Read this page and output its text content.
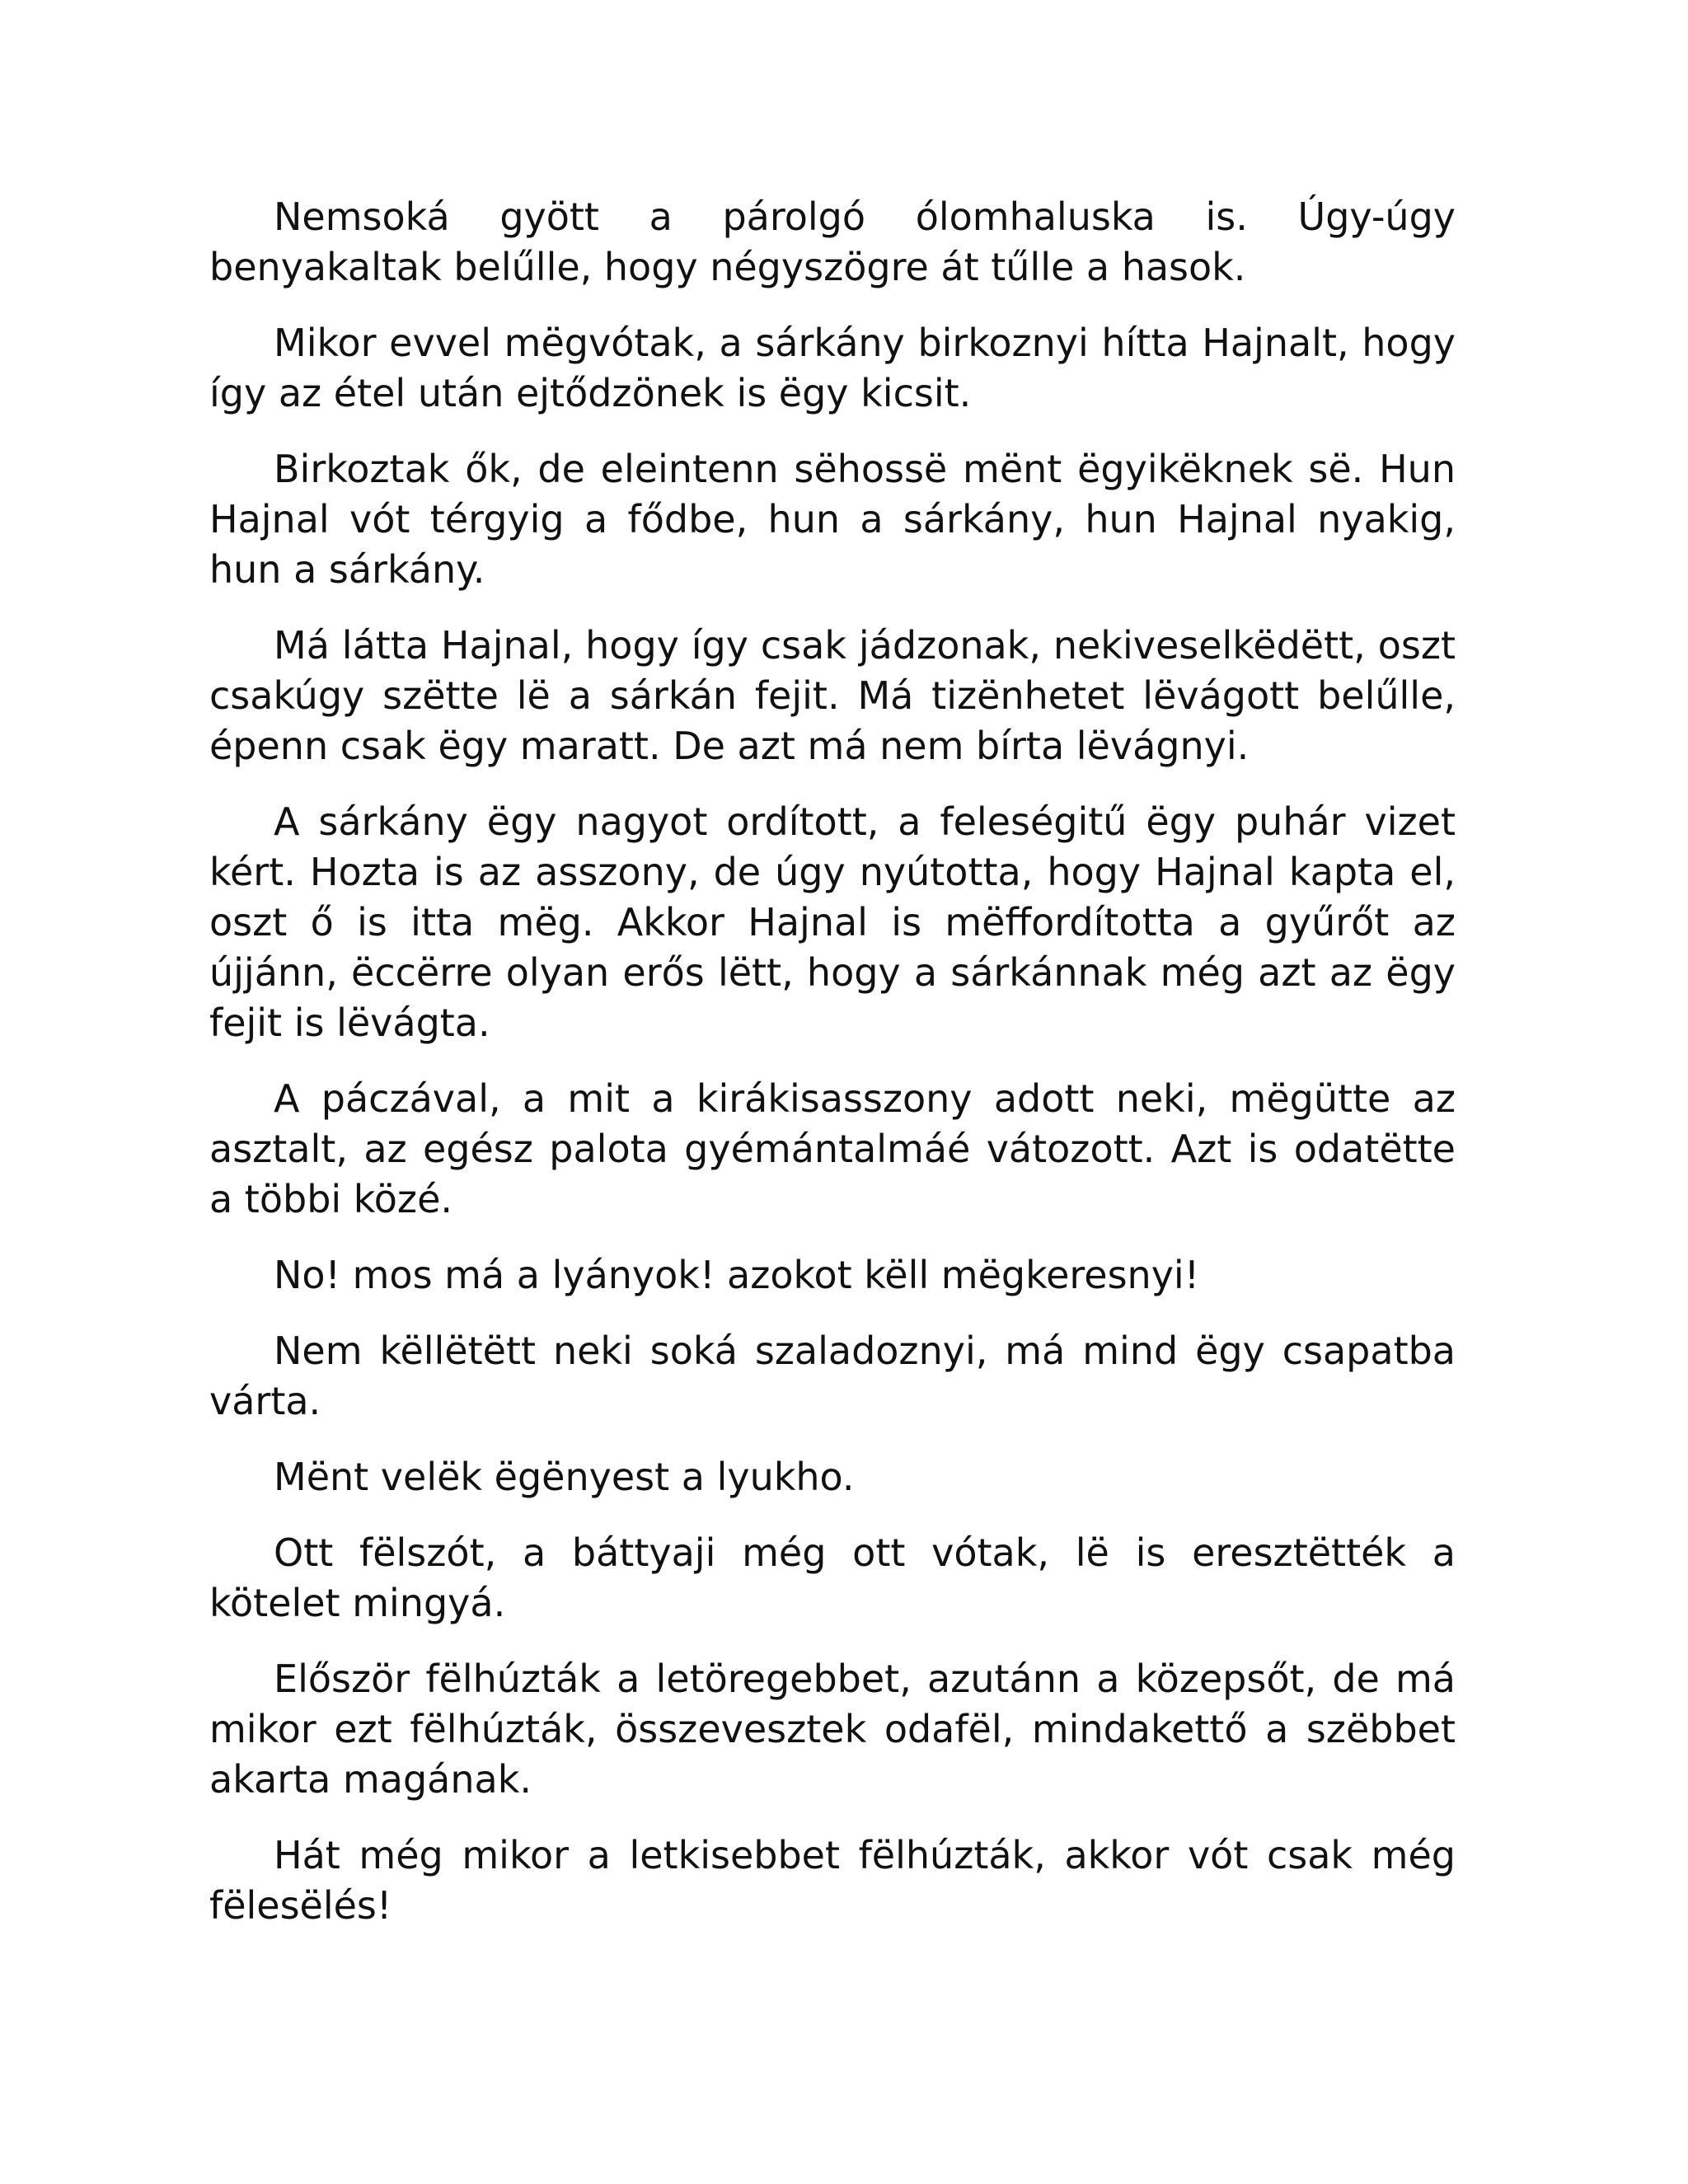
Nemsoká gyött a párolgó ólomhaluska is. Úgy-úgy benyakaltak belűlle, hogy négyszögre át tűlle a hasok.

Mikor evvel mëgvótak, a sárkány birkoznyi hítta Hajnalt, hogy így az étel után ejtődzönek is ëgy kicsit.

Birkoztak ők, de eleintenn sëhossë mënt ëgyikëknek së. Hun Hajnal vót térgyig a fődbe, hun a sárkány, hun Hajnal nyakig, hun a sárkány.

Má látta Hajnal, hogy így csak jádzonak, nekiveselkëdëtt, oszt csakúgy szëtte lë a sárkán fejit. Má tizënhetet lëvágott belűlle, épenn csak ëgy maratt. De azt má nem bírta lëvágnyi.

A sárkány ëgy nagyot ordított, a feleségitű ëgy puhár vizet kért. Hozta is az asszony, de úgy nyútotta, hogy Hajnal kapta el, oszt ő is itta mëg. Akkor Hajnal is mëffordította a gyűrőt az újjánn, ëccërre olyan erős lëtt, hogy a sárkánnak még azt az ëgy fejit is lëvágta.

A páczával, a mit a kirákisasszony adott neki, mëgütte az asztalt, az egész palota gyémántalmáé vátozott. Azt is odatëtte a többi közé.

No! mos má a lyányok! azokot këll mëgkeresnyi!

Nem këllëtëtt neki soká szaladoznyi, má mind ëgy csapatba várta.

Mënt velëk ëgënyest a lyukho.

Ott fëlszót, a báttyaji még ott vótak, lë is eresztëtték a kötelet mingyá.

Először fëlhúzták a letöregebbet, azutánn a közepsőt, de má mikor ezt fëlhúzták, összevesztek odafël, mindakettő a szëbbet akarta magának.

Hát még mikor a letkisebbet fëlhúzták, akkor vót csak még fëlesëlés!
